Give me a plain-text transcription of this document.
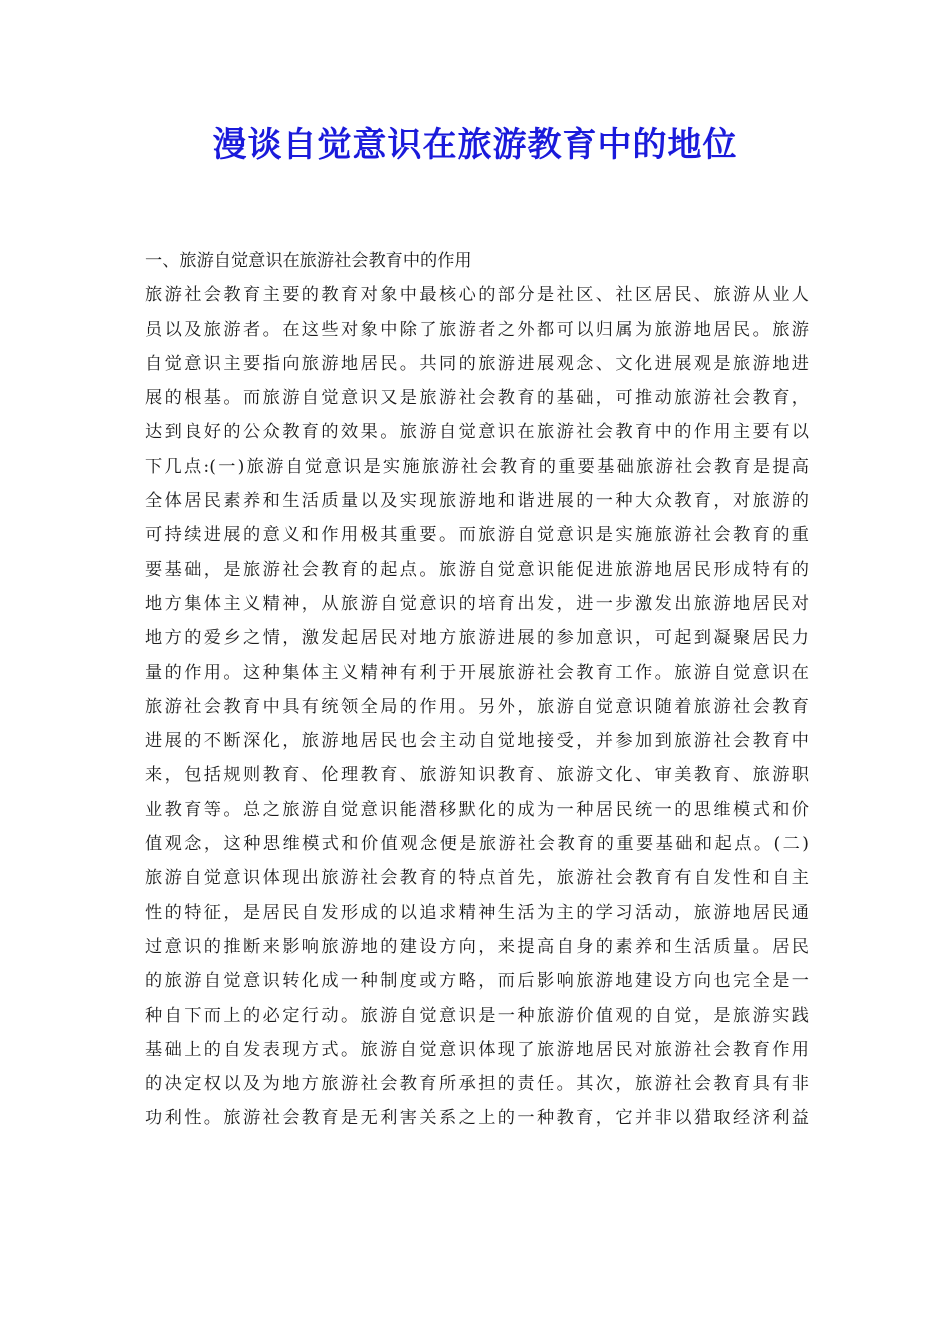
漫谈自觉意识在旅游教育中的地位
一、旅游自觉意识在旅游社会教育中的作用
旅游社会教育主要的教育对象中最核心的部分是社区、社区居民、旅游从业人
员以及旅游者。在这些对象中除了旅游者之外都可以归属为旅游地居民。旅游
自觉意识主要指向旅游地居民。共同的旅游进展观念、文化进展观是旅游地进
展的根基。而旅游自觉意识又是旅游社会教育的基础，可推动旅游社会教育，
达到良好的公众教育的效果。旅游自觉意识在旅游社会教育中的作用主要有以
下几点:(一)旅游自觉意识是实施旅游社会教育的重要基础旅游社会教育是提高
全体居民素养和生活质量以及实现旅游地和谐进展的一种大众教育，对旅游的
可持续进展的意义和作用极其重要。而旅游自觉意识是实施旅游社会教育的重
要基础，是旅游社会教育的起点。旅游自觉意识能促进旅游地居民形成特有的
地方集体主义精神，从旅游自觉意识的培育出发，进一步激发出旅游地居民对
地方的爱乡之情，激发起居民对地方旅游进展的参加意识，可起到凝聚居民力
量的作用。这种集体主义精神有利于开展旅游社会教育工作。旅游自觉意识在
旅游社会教育中具有统领全局的作用。另外，旅游自觉意识随着旅游社会教育
进展的不断深化，旅游地居民也会主动自觉地接受，并参加到旅游社会教育中
来，包括规则教育、伦理教育、旅游知识教育、旅游文化、审美教育、旅游职
业教育等。总之旅游自觉意识能潜移默化的成为一种居民统一的思维模式和价
值观念，这种思维模式和价值观念便是旅游社会教育的重要基础和起点。(二)
旅游自觉意识体现出旅游社会教育的特点首先，旅游社会教育有自发性和自主
性的特征，是居民自发形成的以追求精神生活为主的学习活动，旅游地居民通
过意识的推断来影响旅游地的建设方向，来提高自身的素养和生活质量。居民
的旅游自觉意识转化成一种制度或方略，而后影响旅游地建设方向也完全是一
种自下而上的必定行动。旅游自觉意识是一种旅游价值观的自觉，是旅游实践
基础上的自发表现方式。旅游自觉意识体现了旅游地居民对旅游社会教育作用
的决定权以及为地方旅游社会教育所承担的责任。其次，旅游社会教育具有非
功利性。旅游社会教育是无利害关系之上的一种教育，它并非以猎取经济利益
